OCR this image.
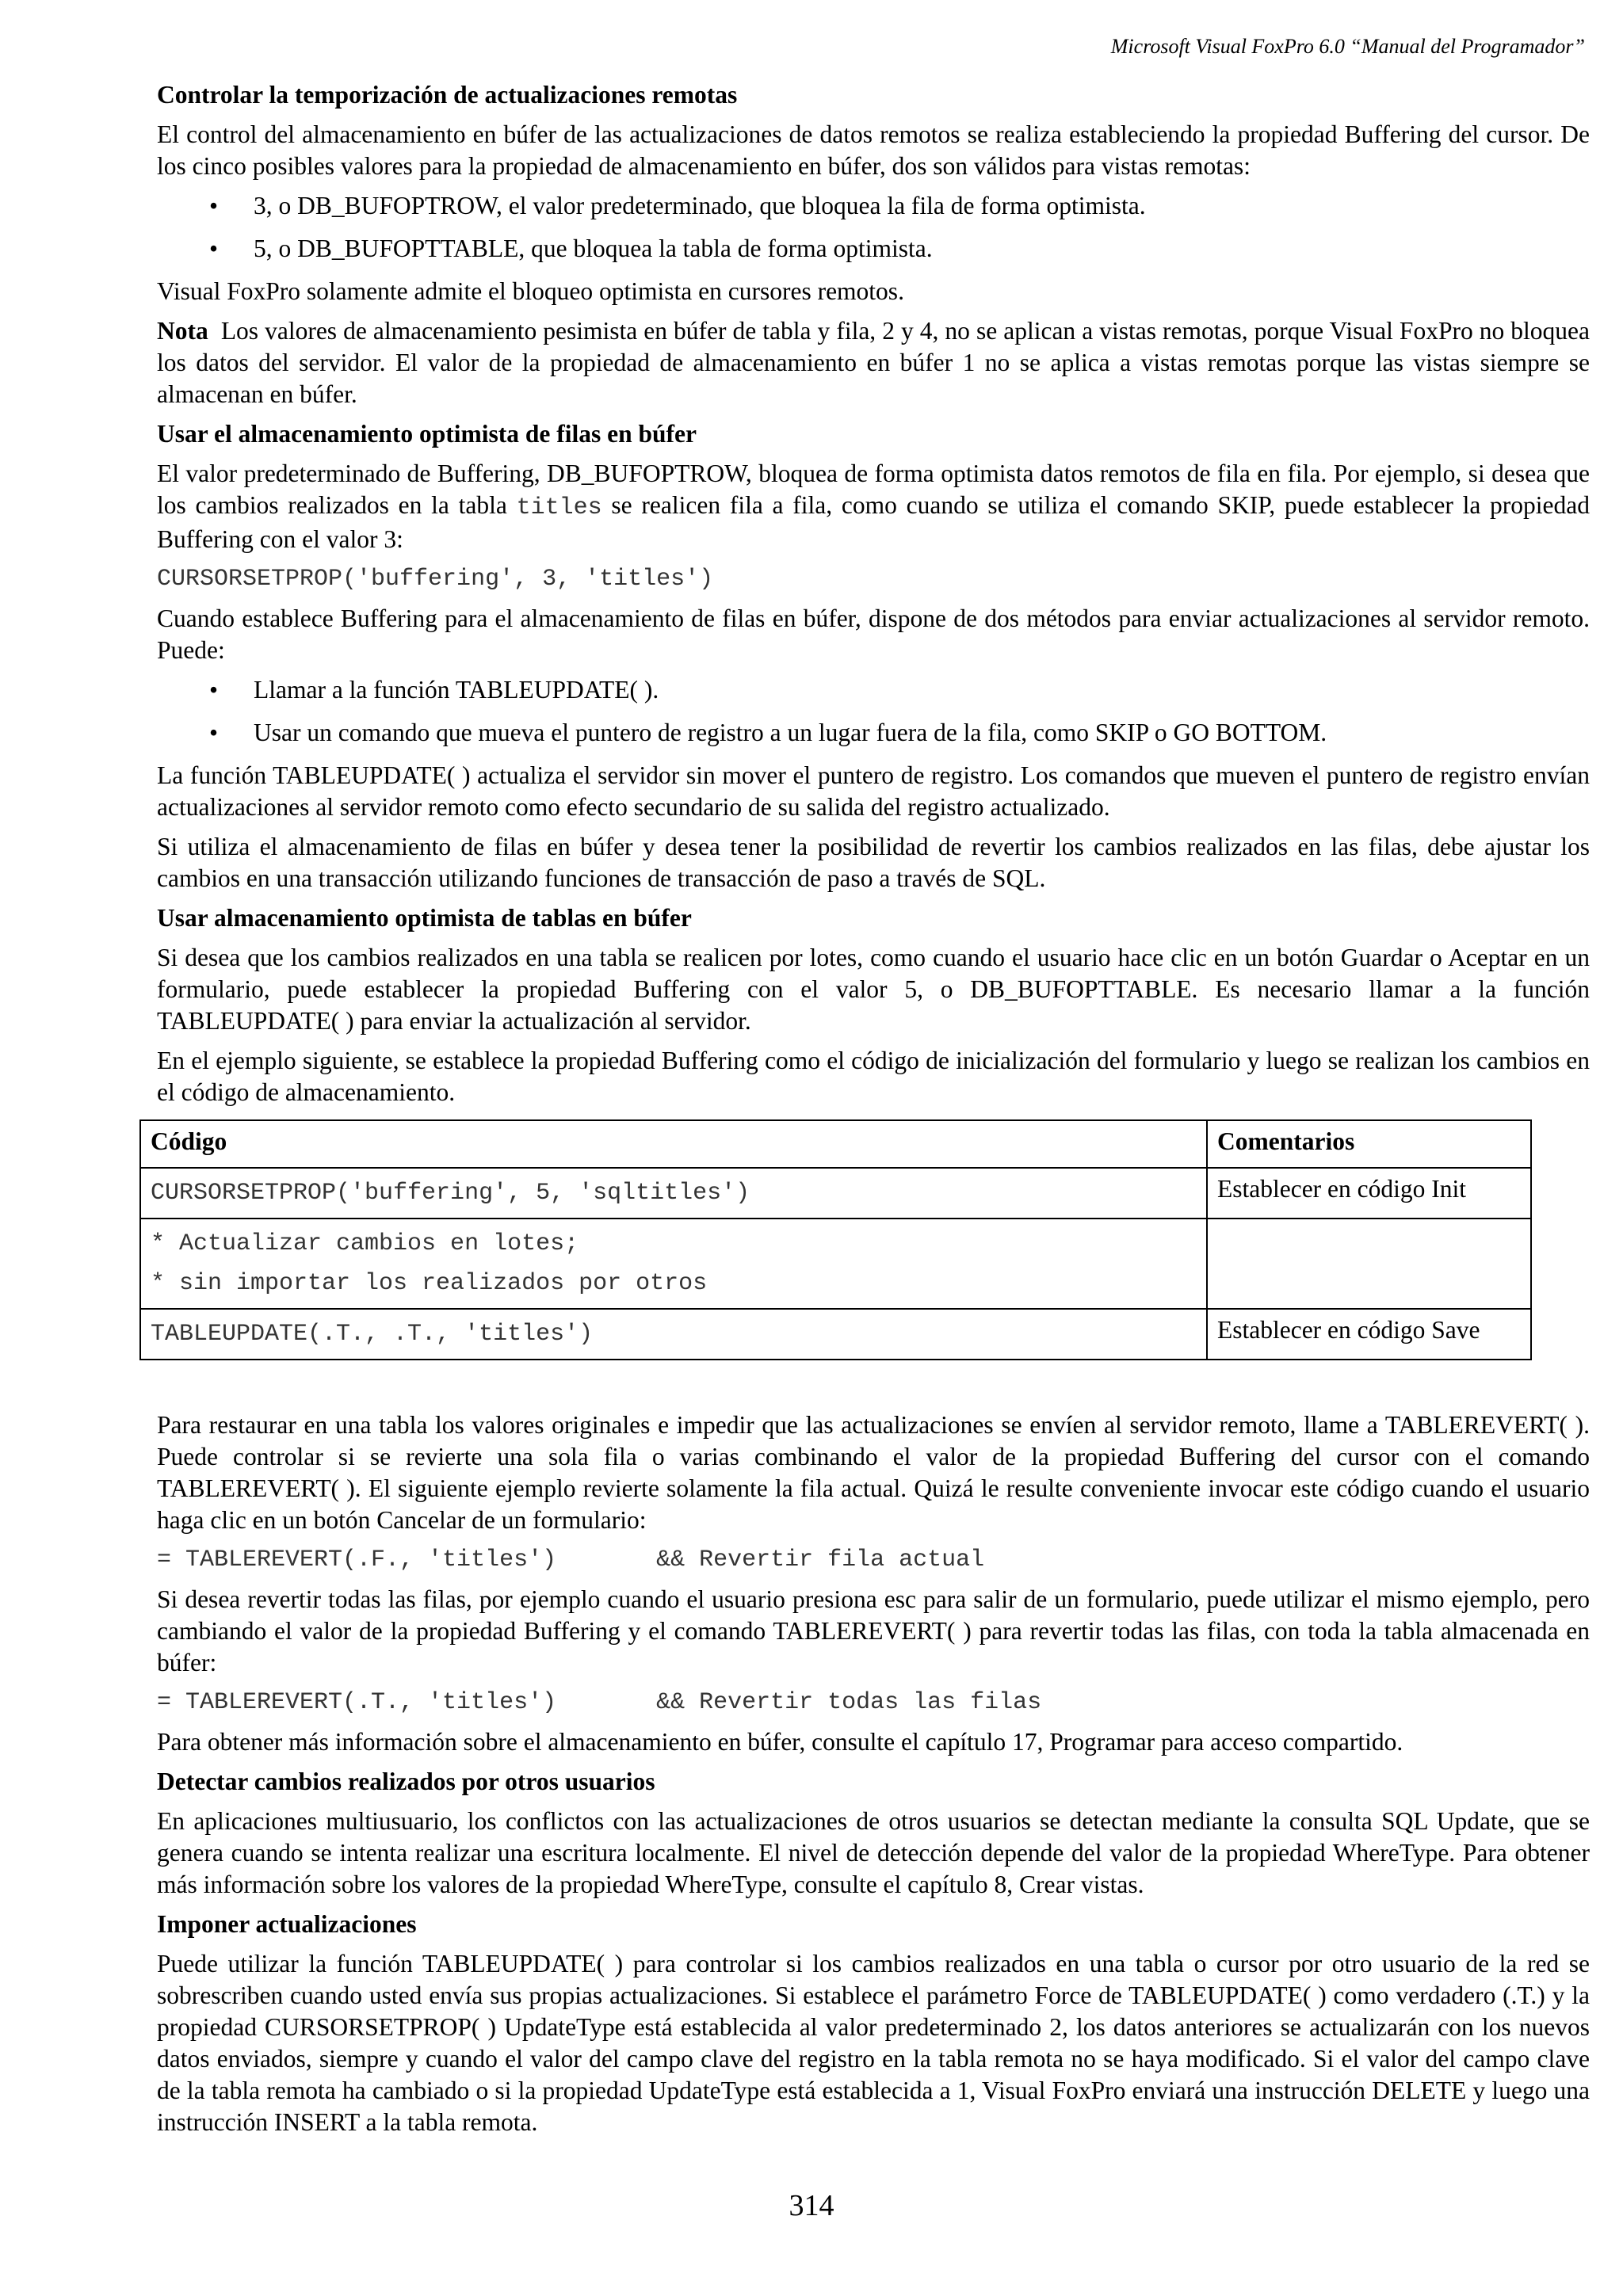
Microsoft Visual FoxPro 6.0 “Manual del Programador”
Controlar la temporización de actualizaciones remotas

El control del almacenamiento en búfer de las actualizaciones de datos remotos se realiza estableciendo la propiedad Buffering del cursor. De los cinco posibles valores para la propiedad de almacenamiento en búfer, dos son válidos para vistas remotas:

• 3, o DB_BUFOPTROW, el valor predeterminado, que bloquea la fila de forma optimista.
• 5, o DB_BUFOPTTABLE, que bloquea la tabla de forma optimista.

Visual FoxPro solamente admite el bloqueo optimista en cursores remotos.

Nota Los valores de almacenamiento pesimista en búfer de tabla y fila, 2 y 4, no se aplican a vistas remotas, porque Visual FoxPro no bloquea los datos del servidor. El valor de la propiedad de almacenamiento en búfer 1 no se aplica a vistas remotas porque las vistas siempre se almacenan en búfer.

Usar el almacenamiento optimista de filas en búfer

El valor predeterminado de Buffering, DB_BUFOPTROW, bloquea de forma optimista datos remotos de fila en fila. Por ejemplo, si desea que los cambios realizados en la tabla titles se realicen fila a fila, como cuando se utiliza el comando SKIP, puede establecer la propiedad Buffering con el valor 3:

CURSORSETPROP('buffering', 3, 'titles')

Cuando establece Buffering para el almacenamiento de filas en búfer, dispone de dos métodos para enviar actualizaciones al servidor remoto. Puede:

• Llamar a la función TABLEUPDATE( ).
• Usar un comando que mueva el puntero de registro a un lugar fuera de la fila, como SKIP o GO BOTTOM.

La función TABLEUPDATE( ) actualiza el servidor sin mover el puntero de registro. Los comandos que mueven el puntero de registro envían actualizaciones al servidor remoto como efecto secundario de su salida del registro actualizado.

Si utiliza el almacenamiento de filas en búfer y desea tener la posibilidad de revertir los cambios realizados en las filas, debe ajustar los cambios en una transacción utilizando funciones de transacción de paso a través de SQL.

Usar almacenamiento optimista de tablas en búfer

Si desea que los cambios realizados en una tabla se realicen por lotes, como cuando el usuario hace clic en un botón Guardar o Aceptar en un formulario, puede establecer la propiedad Buffering con el valor 5, o DB_BUFOPTTABLE. Es necesario llamar a la función TABLEUPDATE( ) para enviar la actualización al servidor.

En el ejemplo siguiente, se establece la propiedad Buffering como el código de inicialización del formulario y luego se realizan los cambios en el código de almacenamiento.

Código	Comentarios
CURSORSETPROP('buffering', 5, 'sqltitles')	Establecer en código Init
* Actualizar cambios en lotes;
* sin importar los realizados por otros	
TABLEUPDATE(.T., .T., 'titles')	Establecer en código Save

Para restaurar en una tabla los valores originales e impedir que las actualizaciones se envíen al servidor remoto, llame a TABLEREVERT( ). Puede controlar si se revierte una sola fila o varias combinando el valor de la propiedad Buffering del cursor con el comando TABLEREVERT( ). El siguiente ejemplo revierte solamente la fila actual. Quizá le resulte conveniente invocar este código cuando el usuario haga clic en un botón Cancelar de un formulario:

= TABLEREVERT(.F., 'titles')       && Revertir fila actual

Si desea revertir todas las filas, por ejemplo cuando el usuario presiona esc para salir de un formulario, puede utilizar el mismo ejemplo, pero cambiando el valor de la propiedad Buffering y el comando TABLEREVERT( ) para revertir todas las filas, con toda la tabla almacenada en búfer:

= TABLEREVERT(.T., 'titles')       && Revertir todas las filas

Para obtener más información sobre el almacenamiento en búfer, consulte el capítulo 17, Programar para acceso compartido.

Detectar cambios realizados por otros usuarios

En aplicaciones multiusuario, los conflictos con las actualizaciones de otros usuarios se detectan mediante la consulta SQL Update, que se genera cuando se intenta realizar una escritura localmente. El nivel de detección depende del valor de la propiedad WhereType. Para obtener más información sobre los valores de la propiedad WhereType, consulte el capítulo 8, Crear vistas.

Imponer actualizaciones

Puede utilizar la función TABLEUPDATE( ) para controlar si los cambios realizados en una tabla o cursor por otro usuario de la red se sobrescriben cuando usted envía sus propias actualizaciones. Si establece el parámetro Force de TABLEUPDATE( ) como verdadero (.T.) y la propiedad CURSORSETPROP( ) UpdateType está establecida al valor predeterminado 2, los datos anteriores se actualizarán con los nuevos datos enviados, siempre y cuando el valor del campo clave del registro en la tabla remota no se haya modificado. Si el valor del campo clave de la tabla remota ha cambiado o si la propiedad UpdateType está establecida a 1, Visual FoxPro enviará una instrucción DELETE y luego una instrucción INSERT a la tabla remota.

314
